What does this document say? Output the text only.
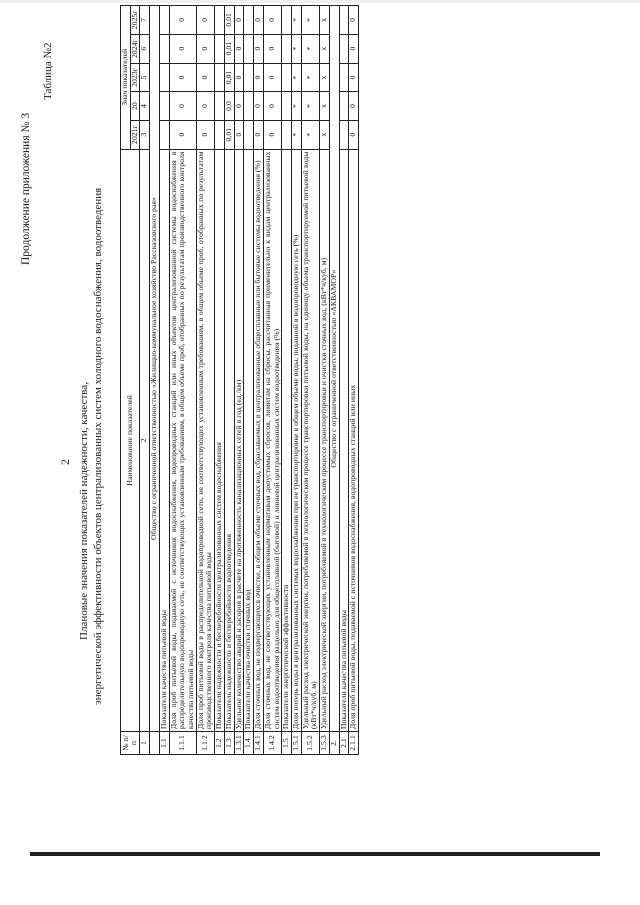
2
Продолжение приложения № 3
Таблица №2
Плановые значения показателей надежности, качества, энергетической эффективности объектов централизованных систем холодного водоснабжения, водоотведения
№ п/п	Наименование показателей	Знач показателей				
		2021г	20	2023г	2024г	2025г
1	2	3	4	5	6	7
	Общество с ограниченной ответственностью «Жилищно-коммунальное хозяйство Рассказовского рая»					
1.1	Показатели качества питьевой воды					
1.1.1	Доля проб питьевой воды, подаваемой с источников водоснабжения, водопроводных станций или иных объектов централизованной системы водоснабжения в распределительную водопроводную сеть, не соответствующих установленным требованиям, в общем объеме проб, отобранных по результатам производственного контроля качества питьевой воды	0	0	0	0	0
1.1.2	Доля проб питьевой воды в распределительной водопроводной сети, не соответствующих установленным требованиям, в общем объеме проб, отобранных по результатам производственного контроля качества питьевой воды	0	0	0	0	0
1.2	Показатели надежности и бесперебойности централизованных систем водоснабжения					
1.3	Показатель надежности и бесперебойности водоотведения	0,01	0,0	0,01	0,01	0,01
1.3.1	Удельное количество аварий и засоров в расчете на протяженность канализационных сетей в год (ед./км)	0	0	0	0	0
1.4	Показатели качества очистки сточных вод					
1.4.1	Доля сточных вод, не подвергающихся очистке, в общем объеме сточных вод, сбрасываемых в централизованные общесплавные или бытовые системы водоотведения (%)	0	0	0	0	0
1.4.2	Доля сточных вод, не соответствующих установленным нормативам допустимых сбросов, лимитам на сбросы, рассчитанная применительно к видам централизованных систем водоотведения раздельно для общесплавной (бытовой) и ливневой централизованных систем водоотведения (%)	0	0	0	0	0
1.5	Показатели энергетической эффективности					
1.5.1	Доля потерь воды в централизованных системах водоснабжения при ее транспортировке в общем объеме воды, поданной в водопроводную сеть (%)	*	*	*	*	*
1.5.2	Удельный расход электрической энергии, потребляемой в технологическом процессе транспортировки питьевой воды, на единицу объема транспортируемой питьевой воды (кВт*ч/куб. м)	*	*	*	*	*
1.5.3	Удельный расход электрической энергии, потребляемой в технологическом процессе транспортировки и очистки сточных вод, (кВт*ч/куб. м)	х	х	х	х	х
2.	Общество с ограниченной ответственностью «АКВАМОР»					
2.1	Показатели качества питьевой воды					
2.1.1	Доля проб питьевой воды, подаваемой с источников водоснабжения, водопроводных станций или иных	0	0	0	0	0
